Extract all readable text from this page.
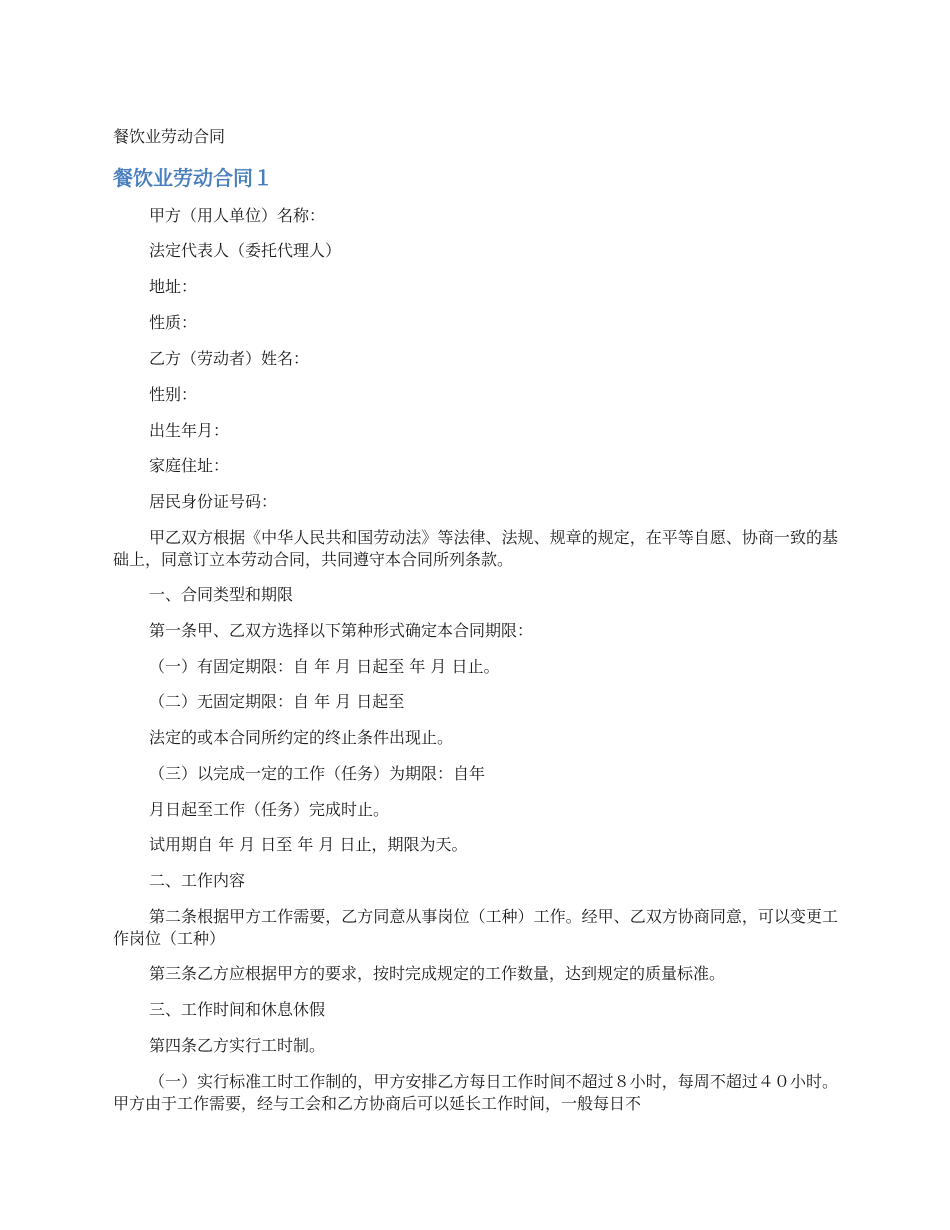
餐饮业劳动合同
餐饮业劳动合同１

甲方（用人单位）名称：

法定代表人（委托代理人）

地址：

性质：

乙方（劳动者）姓名：

性别：

出生年月：

家庭住址：

居民身份证号码：

甲乙双方根据《中华人民共和国劳动法》等法律、法规、规章的规定，在平等自愿、协商一致的基础上，同意订立本劳动合同，共同遵守本合同所列条款。

一、合同类型和期限

第一条甲、乙双方选择以下第种形式确定本合同期限：

（一）有固定期限：自 年 月 日起至 年 月 日止。

（二）无固定期限：自 年 月 日起至

法定的或本合同所约定的终止条件出现止。

（三）以完成一定的工作（任务）为期限：自年

月日起至工作（任务）完成时止。

试用期自 年 月 日至 年 月 日止，期限为天。

二、工作内容

第二条根据甲方工作需要，乙方同意从事岗位（工种）工作。经甲、乙双方协商同意，可以变更工作岗位（工种）

第三条乙方应根据甲方的要求，按时完成规定的工作数量，达到规定的质量标准。

三、工作时间和休息休假

第四条乙方实行工时制。

（一）实行标准工时工作制的，甲方安排乙方每日工作时间不超过８小时，每周不超过４０小时。甲方由于工作需要，经与工会和乙方协商后可以延长工作时间，一般每日不
